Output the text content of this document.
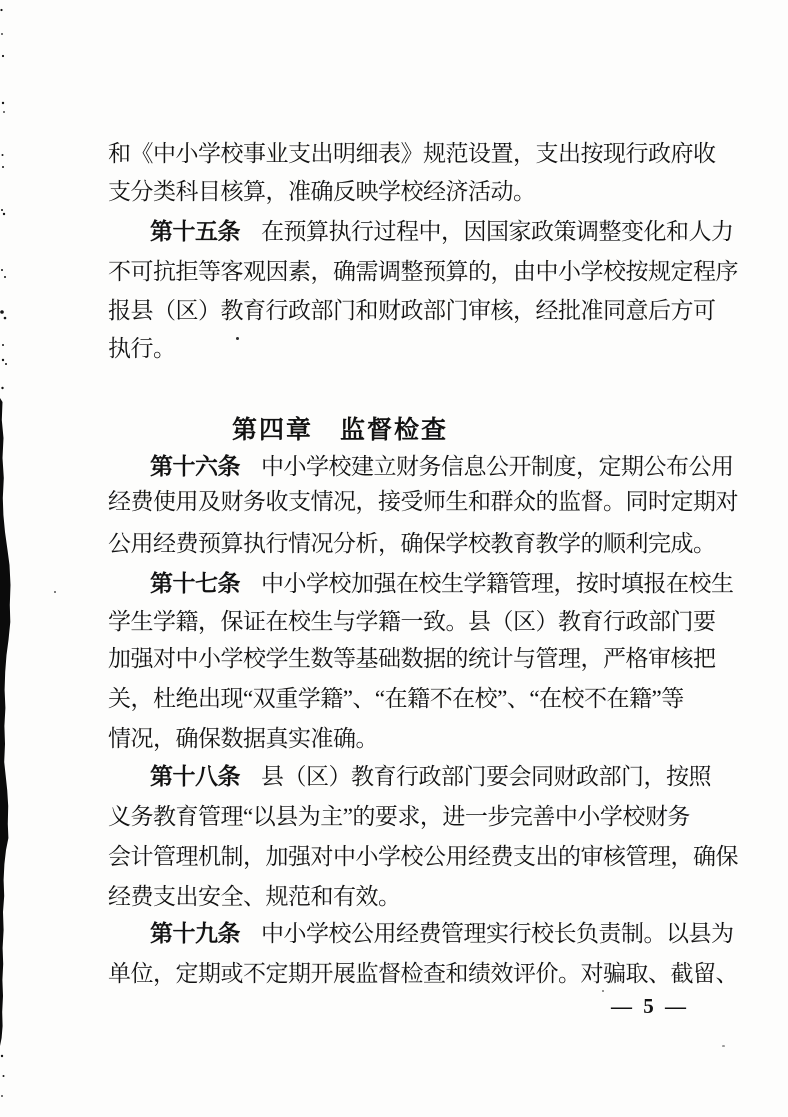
和《中小学校事业支出明细表》规范设置，支出按现行政府收
支分类科目核算，准确反映学校经济活动。
第十五条 在预算执行过程中，因国家政策调整变化和人力
不可抗拒等客观因素，确需调整预算的，由中小学校按规定程序
报县（区）教育行政部门和财政部门审核，经批准同意后方可
执行。
第四章　监督检查
第十六条 中小学校建立财务信息公开制度，定期公布公用
经费使用及财务收支情况，接受师生和群众的监督。同时定期对
公用经费预算执行情况分析，确保学校教育教学的顺利完成。
第十七条 中小学校加强在校生学籍管理，按时填报在校生
学生学籍，保证在校生与学籍一致。县（区）教育行政部门要
加强对中小学校学生数等基础数据的统计与管理，严格审核把
关，杜绝出现“双重学籍”、“在籍不在校”、“在校不在籍”等
情况，确保数据真实准确。
第十八条 县（区）教育行政部门要会同财政部门，按照
义务教育管理“以县为主”的要求，进一步完善中小学校财务
会计管理机制，加强对中小学校公用经费支出的审核管理，确保
经费支出安全、规范和有效。
第十九条 中小学校公用经费管理实行校长负责制。以县为
单位，定期或不定期开展监督检查和绩效评价。对骗取、截留、
— 5 —
